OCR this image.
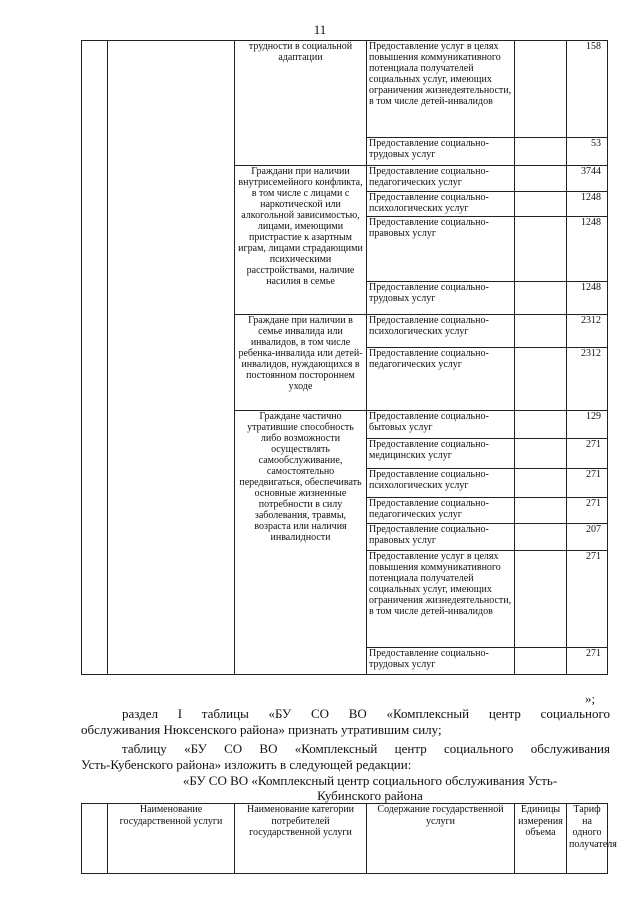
11
		трудности в социальной адаптации	Предоставление услуг в целях повышения коммуникативного потенциала получателей социальных услуг, имеющих ограничения жизнедеятельности, в том числе детей-инвалидов		158
			Предоставление социально-трудовых услуг		53
		Граждани при наличии внутрисемейного конфликта, в том числе с лицами с наркотической или алкогольной зависимостью, лицами, имеющими пристрастие к азартным играм, лицами страдающими психическими расстройствами, наличие насилия в семье	Предоставление социально-педагогических услуг		3744
			Предоставление социально-психологических услуг		1248
			Предоставление социально-правовых услуг		1248
			Предоставление социально-трудовых услуг		1248
		Граждане при наличии в семье инвалида или инвалидов, в том числе ребенка-инвалида или детей-инвалидов, нуждающихся в постоянном постороннем уходе	Предоставление социально-психологических услуг		2312
			Предоставление социально-педагогических услуг		2312
		Граждане частично утратившие способность либо возможности осуществлять самообслуживание, самостоятельно передвигаться, обеспечивать основные жизненные потребности в силу заболевания, травмы, возраста или наличия инвалидности	Предоставление социально-бытовых услуг		129
			Предоставление социально-медицинских услуг		271
			Предоставление социально-психологических услуг		271
			Предоставление социально-педагогических услуг		271
			Предоставление социально-правовых услуг		207
			Предоставление услуг в целях повышения коммуникативного потенциала получателей социальных услуг, имеющих ограничения жизнедеятельности, в том числе детей-инвалидов		271
			Предоставление социально-трудовых услуг		271
»;
раздел I таблицы «БУ СО ВО «Комплексный центр социального
обслуживания Нюксенского района» признать утратившим силу;
таблицу «БУ СО ВО «Комплексный центр социального обслуживания
Усть-Кубенского района» изложить в следующей редакции:
«БУ СО ВО «Комплексный центр социального обслуживания Усть-
Кубинского района
	Наименование государственной услуги	Наименование категории потребителей государственной услуги	Содержание государственной услуги	Единицы измерения объема	Тариф на одного получателя
